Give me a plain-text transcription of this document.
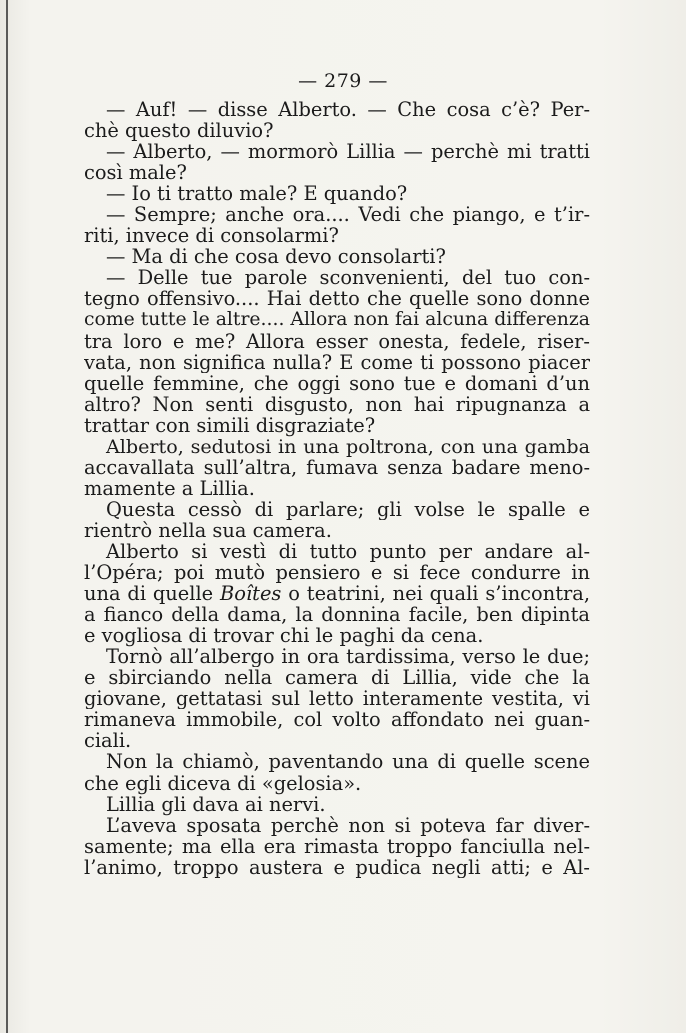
— 279 —
— Auf! — disse Alberto. — Che cosa c’è? Per-
chè questo diluvio?
— Alberto, — mormorò Lillia — perchè mi tratti
così male?
— Io ti tratto male? E quando?
— Sempre; anche ora.... Vedi che piango, e t’ir-
riti, invece di consolarmi?
— Ma di che cosa devo consolarti?
— Delle tue parole sconvenienti, del tuo con-
tegno offensivo.... Hai detto che quelle sono donne
come tutte le altre.... Allora non fai alcuna differenza
tra loro e me? Allora esser onesta, fedele, riser-
vata, non significa nulla? E come ti possono piacer
quelle femmine, che oggi sono tue e domani d’un
altro? Non senti disgusto, non hai ripugnanza a
trattar con simili disgraziate?
Alberto, sedutosi in una poltrona, con una gamba
accavallata sull’altra, fumava senza badare meno-
mamente a Lillia.
Questa cessò di parlare; gli volse le spalle e
rientrò nella sua camera.
Alberto si vestì di tutto punto per andare al-
l’Opéra; poi mutò pensiero e si fece condurre in
una di quelle Boîtes o teatrini, nei quali s’incontra,
a fianco della dama, la donnina facile, ben dipinta
e vogliosa di trovar chi le paghi da cena.
Tornò all’albergo in ora tardissima, verso le due;
e sbirciando nella camera di Lillia, vide che la
giovane, gettatasi sul letto interamente vestita, vi
rimaneva immobile, col volto affondato nei guan-
ciali.
Non la chiamò, paventando una di quelle scene
che egli diceva di «gelosia».
Lillia gli dava ai nervi.
L’aveva sposata perchè non si poteva far diver-
samente; ma ella era rimasta troppo fanciulla nel-
l’animo, troppo austera e pudica negli atti; e Al-
